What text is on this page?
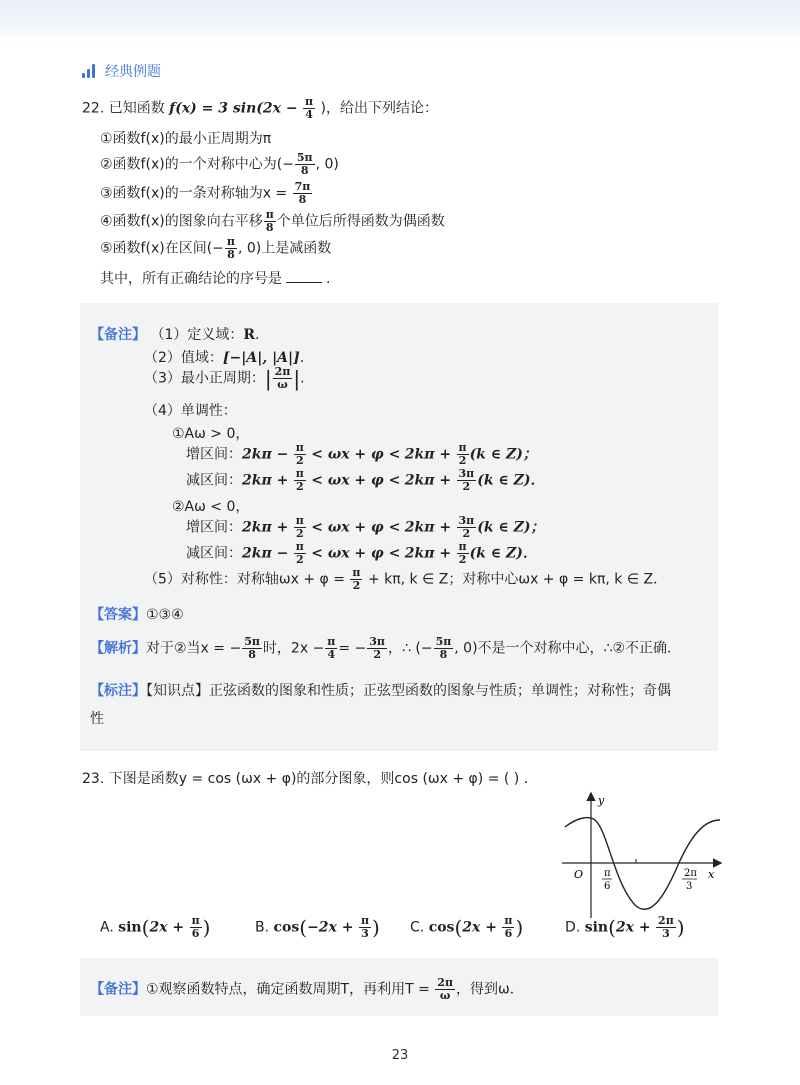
经典例题
22. 已知函数 f(x) = 3 $\sin(2x - \frac{\pi}{4}$ )，给出下列结论：
①函数f(x)的最小正周期为π
②函数f(x)的一个对称中心为(− $\frac{5\pi}{8}$ , 0)
③函数f(x)的一条对称轴为$x = \frac{7\pi}{8}$
④函数f(x)的图象向右平移 $\frac{\pi}{8}$ 个单位后所得函数为偶函数
⑤函数f(x)在区间(− $\frac{\pi}{8}$ , 0)上是减函数
其中，所有正确结论的序号是	.
【备注】 （1）定义域：R.
（2）值域：[−|A|, |A|].
（3）最小正周期：| $\frac{2\pi}{\omega}$ |.
（4）单调性：
①Aω > 0，
增区间：$2k\pi - \frac{\pi}{2} < \omega x + \varphi < 2k\pi + \frac{\pi}{2} (k$ ∈ Z)；
减区间：$2k\pi + \frac{\pi}{2} < \omega x + \varphi < 2k\pi + \frac{3\pi}{2} (k$ ∈ Z)．
②Aω < 0，
增区间：$2k\pi + \frac{\pi}{2} < \omega x + \varphi < 2k\pi + \frac{3\pi}{2} (k$ ∈ Z)；
减区间：$2k\pi - \frac{\pi}{2} < \omega x + \varphi < 2k\pi + \frac{\pi}{2} (k$ ∈ Z)．
（5）对称性：对称轴$\omega x + \varphi = \frac{\pi}{2} + k\pi$, k ∈ Z；对称中心ωx + φ = kπ, k ∈ Z．
【答案】①③④
【解析】对于②当x = − $\frac{5\pi}{8}$ 时，$2x - \frac{\pi}{4}$ = − $\frac{3\pi}{2}$ ，∴ (− $\frac{5\pi}{8}$ , 0)不是一个对称中心，∴②不正确．
【标注】【知识点】正弦函数的图象和性质；正弦型函数的图象与性质；单调性；对称性；奇偶
性
23. 下图是函数y = cos (ωx + φ)的部分图象，则cos (ωx + φ) = ( ) ．
y
x
O π
6
2π
3
A. $\sin(2x + \frac{\pi}{6}$ )	B. $\cos(-2x + \frac{\pi}{3}$ ) C. $\cos(2x + \frac{\pi}{6}$ )	D. $\sin(2x + \frac{2\pi}{3}$ )
【备注】①观察函数特点，确定函数周期T，再利用$T = \frac{2\pi}{\omega}$ ，得到ω．
23
